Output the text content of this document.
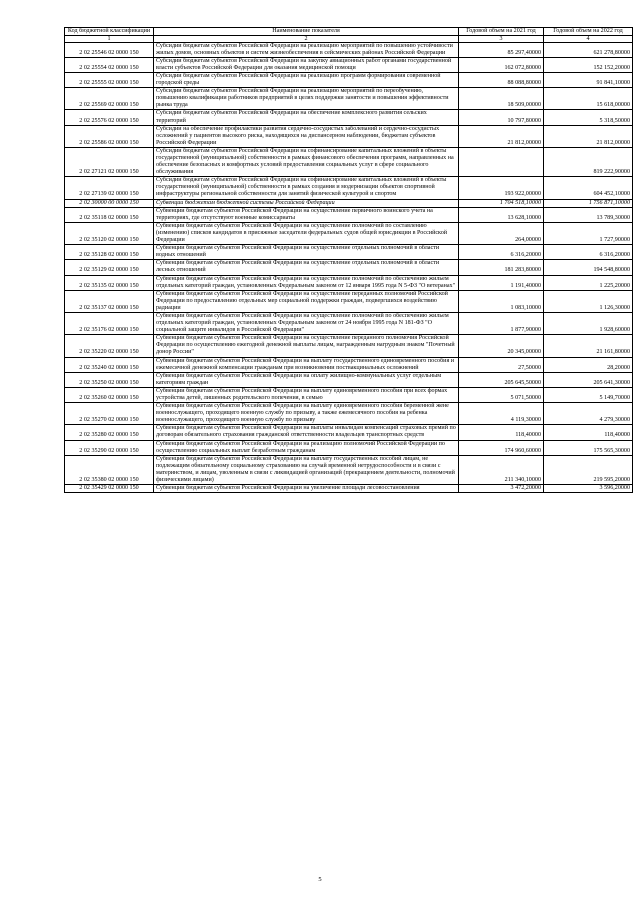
Код бюджетной классификации	Наименование показателя	Годовой объем на 2021 год	Годовой объем на 2022 год
1	2	3	4
2 02 25546 02 0000 150	Субсидии бюджетам субъектов Российской Федерации на реализацию мероприятий по повышению устойчивости жилых домов, основных объектов и систем жизнеобеспечения в сейсмических районах Российской Федерации	85 297,40000	621 278,80000
2 02 25554 02 0000 150	Субсидии бюджетам субъектов Российской Федерации на закупку авиационных работ органами государственной власти субъектов Российской Федерации для оказания медицинской помощи	162 072,80000	152 152,20000
2 02 25555 02 0000 150	Субсидии бюджетам субъектов Российской Федерации на реализацию программ формирования современной городской среды	88 088,80000	91 841,10000
2 02 25569 02 0000 150	Субсидии бюджетам субъектов Российской Федерации на реализацию мероприятий по переобучению, повышению квалификации работников предприятий в целях поддержки занятости и повышения эффективности рынка труда	18 509,00000	15 618,00000
2 02 25576 02 0000 150	Субсидии бюджетам субъектов Российской Федерации на обеспечение комплексного развития сельских территорий	10 797,80000	5 318,50000
2 02 25586 02 0000 150	Субсидии на обеспечение профилактики развития сердечно-сосудистых заболеваний и сердечно-сосудистых осложнений у пациентов высокого риска, находящихся на диспансерном наблюдении, бюджетам субъектов Российской Федерации	21 812,00000	21 812,00000
2 02 27121 02 0000 150	Субсидии бюджетам субъектов Российской Федерации на софинансирование капитальных вложений в объекты государственной (муниципальной) собственности в рамках финансового обеспечения программ, направленных на обеспечение безопасных и комфортных условий предоставления социальных услуг в сфере социального обслуживания		819 222,90000
2 02 27139 02 0000 150	Субсидии бюджетам субъектов Российской Федерации на софинансирование капитальных вложений в объекты государственной (муниципальной) собственности в рамках создания и модернизации объектов спортивной инфраструктуры региональной собственности для занятий физической культурой и спортом	193 922,00000	604 452,10000
2 02 30000 00 0000 150	Субвенции бюджетам бюджетной системы Российской Федерации	1 704 518,10000	1 756 871,10000
2 02 35118 02 0000 150	Субвенции бюджетам субъектов Российской Федерации на осуществление первичного воинского учета на территориях, где отсутствуют военные комиссариаты	13 628,10000	13 789,30000
2 02 35120 02 0000 150	Субвенции бюджетам субъектов Российской Федерации на осуществление полномочий по составлению (изменению) списков кандидатов в присяжные заседатели федеральных судов общей юрисдикции в Российской Федерации	264,00000	1 727,90000
2 02 35128 02 0000 150	Субвенции бюджетам субъектов Российской Федерации на осуществление отдельных полномочий в области водных отношений	6 316,20000	6 316,20000
2 02 35129 02 0000 150	Субвенции бюджетам субъектов Российской Федерации на осуществление отдельных полномочий в области лесных отношений	181 283,80000	194 548,80000
2 02 35135 02 0000 150	Субвенции бюджетам субъектов Российской Федерации на осуществление полномочий по обеспечению жильем отдельных категорий граждан, установленных Федеральным законом от 12 января 1995 года N 5-ФЗ "О ветеранах"	1 191,40000	1 225,20000
2 02 35137 02 0000 150	Субвенции бюджетам субъектов Российской Федерации на осуществление переданных полномочий Российской Федерации по предоставлению отдельных мер социальной поддержки граждан, подвергшихся воздействию радиации	1 083,10000	1 126,30000
2 02 35176 02 0000 150	Субвенции бюджетам субъектов Российской Федерации на осуществление полномочий по обеспечению жильем отдельных категорий граждан, установленных Федеральным законом от 24 ноября 1995 года N 181-ФЗ "О социальной защите инвалидов в Российской Федерации"	1 877,90000	1 928,60000
2 02 35220 02 0000 150	Субвенции бюджетам субъектов Российской Федерации на осуществление переданного полномочия Российской Федерации по осуществлению ежегодной денежной выплаты лицам, награжденным нагрудным знаком "Почетный донор России"	20 345,00000	21 161,80000
2 02 35240 02 0000 150	Субвенции бюджетам субъектов Российской Федерации на выплату государственного единовременного пособия и ежемесячной денежной компенсации гражданам при возникновении поствакцинальных осложнений	27,50000	28,20000
2 02 35250 02 0000 150	Субвенции бюджетам субъектов Российской Федерации на оплату жилищно-коммунальных услуг отдельным категориям граждан	205 645,50000	205 641,30000
2 02 35260 02 0000 150	Субвенции бюджетам субъектов Российской Федерации на выплату единовременного пособия при всех формах устройства детей, лишенных родительского попечения, в семью	5 071,50000	5 149,70000
2 02 35270 02 0000 150	Субвенции бюджетам субъектов Российской Федерации на выплату единовременного пособия беременной жене военнослужащего, проходящего военную службу по призыву, а также ежемесячного пособия на ребенка военнослужащего, проходящего военную службу по призыву	4 119,30000	4 279,30000
2 02 35280 02 0000 150	Субвенции бюджетам субъектов Российской Федерации на выплаты инвалидам компенсаций страховых премий по договорам обязательного страхования гражданской ответственности владельцев транспортных средств	118,40000	118,40000
2 02 35290 02 0000 150	Субвенции бюджетам субъектов Российской Федерации на реализацию полномочий Российской Федерации по осуществлению социальных выплат безработным гражданам	174 960,60000	175 565,30000
2 02 35380 02 0000 150	Субвенции бюджетам субъектов Российской Федерации на выплату государственных пособий лицам, не подлежащим обязательному социальному страхованию на случай временной нетрудоспособности и в связи с материнством, и лицам, уволенным в связи с ликвидацией организаций (прекращением деятельности, полномочий физическими лицами)	211 340,10000	219 595,20000
2 02 35429 02 0000 150	Субвенции бюджетам субъектов Российской Федерации на увеличение площади лесовосстановления	3 472,20000	3 596,20000
5
